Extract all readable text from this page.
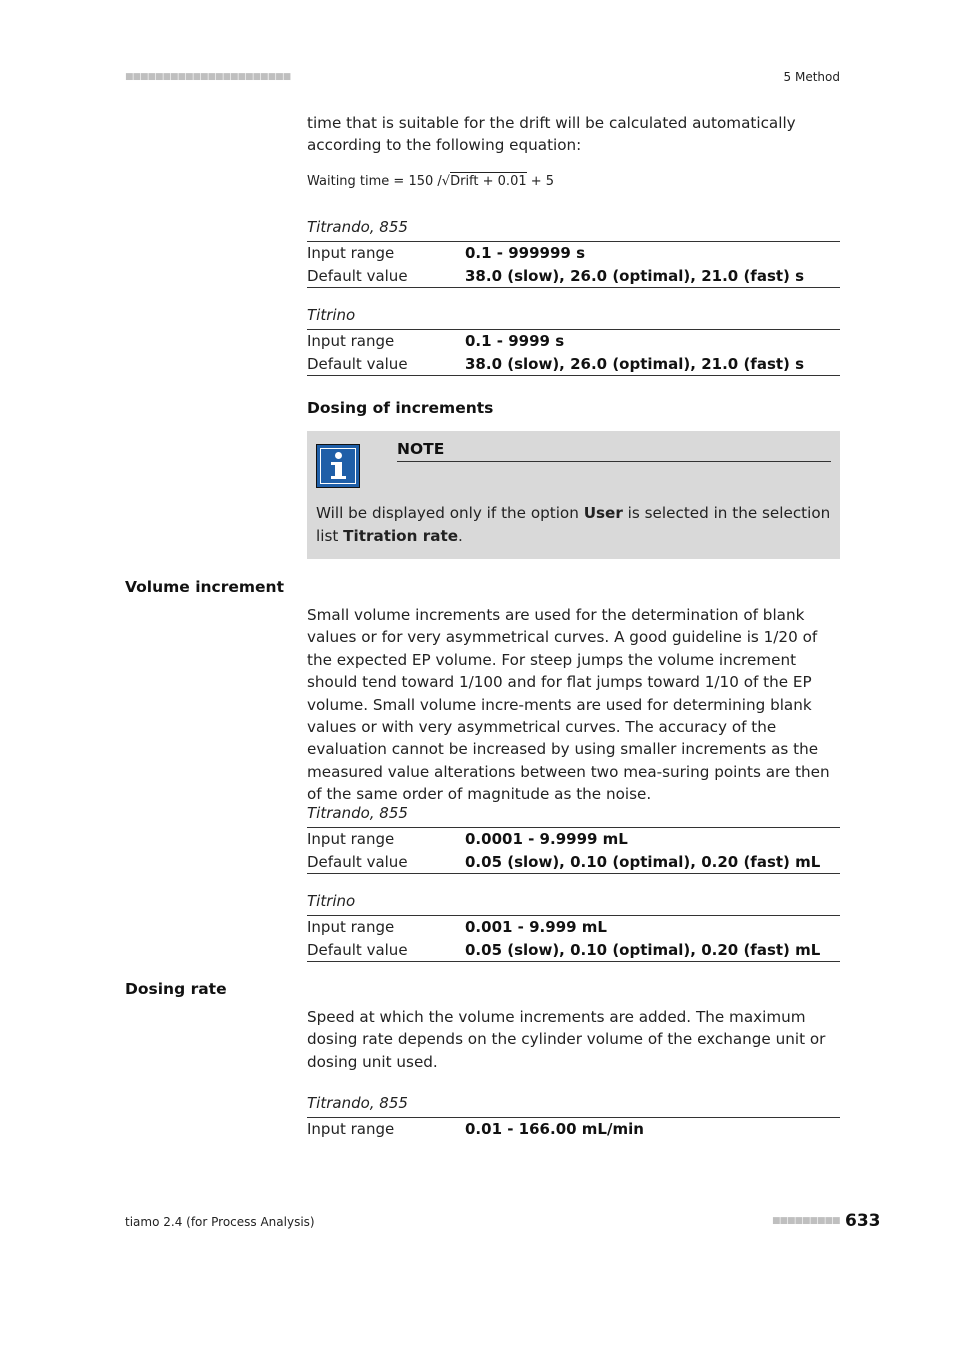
■■■■■■■■■■■■■■■■■■■■■■	5 Method

time that is suitable for the drift will be calculated automatically according to the following equation:

Waiting time = 150 /√Drift + 0.01 + 5
Titrando, 855
Input range	0.1 - 999999 s
Default value	38.0 (slow), 26.0 (optimal), 21.0 (fast) s
Titrino
Input range	0.1 - 9999 s
Default value	38.0 (slow), 26.0 (optimal), 21.0 (fast) s
Dosing of increments
NOTE
Will be displayed only if the option User is selected in the selection list Titration rate.
Volume increment

Small volume increments are used for the determination of blank values or for very asymmetrical curves. A good guideline is 1/20 of the expected EP volume. For steep jumps the volume increment should tend toward 1/100 and for flat jumps toward 1/10 of the EP volume. Small volume incre-ments are used for determining blank values or with very asymmetrical curves. The accuracy of the evaluation cannot be increased by using smaller increments as the measured value alterations between two mea-suring points are then of the same order of magnitude as the noise.

Titrando, 855
Input range	0.0001 - 9.9999 mL
Default value	0.05 (slow), 0.10 (optimal), 0.20 (fast) mL
Titrino
Input range	0.001 - 9.999 mL
Default value	0.05 (slow), 0.10 (optimal), 0.20 (fast) mL
Dosing rate

Speed at which the volume increments are added. The maximum dosing rate depends on the cylinder volume of the exchange unit or dosing unit used.

Titrando, 855
Input range	0.01 - 166.00 mL/min
tiamo 2.4 (for Process Analysis)	■■■■■■■■■ 633
